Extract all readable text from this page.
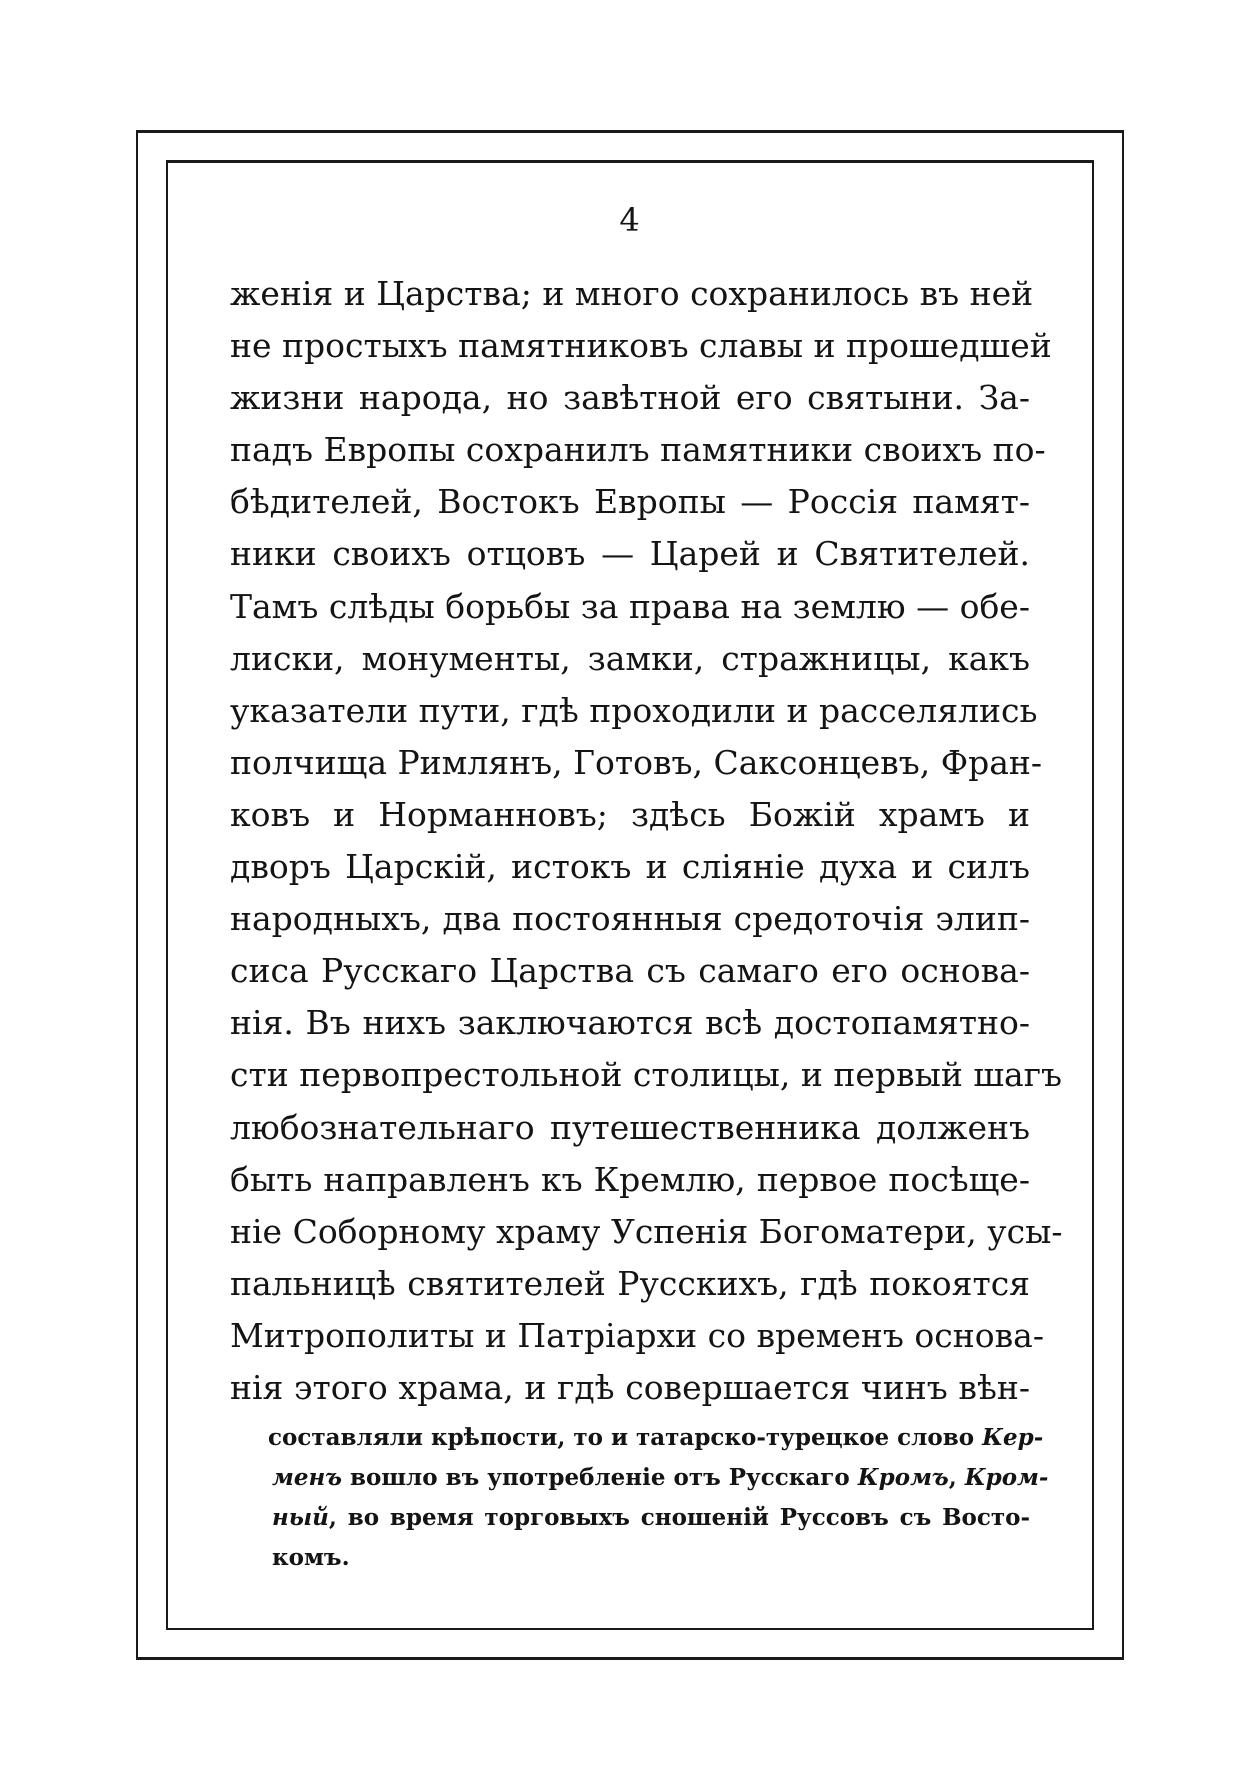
4
женія и Царства; и много сохранилось въ ней
не простыхъ памятниковъ славы и прошедшей
жизни народа, но завѣтной его святыни. За-
падъ Европы сохранилъ памятники своихъ по-
бѣдителей, Востокъ Европы — Россія памят-
ники своихъ отцовъ — Царей и Святителей.
Тамъ слѣды борьбы за права на землю — обе-
лиски, монументы, замки, стражницы, какъ
указатели пути, гдѣ проходили и расселялись
полчища Римлянъ, Готовъ, Саксонцевъ, Фран-
ковъ и Норманновъ; здѣсь Божій храмъ и
дворъ Царскій, истокъ и сліяніе духа и силъ
народныхъ, два постоянныя средоточія элип-
сиса Русскаго Царства съ самаго его основа-
нія. Въ нихъ заключаются всѣ достопамятно-
сти первопрестольной столицы, и первый шагъ
любознательнаго путешественника долженъ
быть направленъ къ Кремлю, первое посѣще-
ніе Соборному храму Успенія Богоматери, усы-
пальницѣ святителей Русскихъ, гдѣ покоятся
Митрополиты и Патріархи со временъ основа-
нія этого храма, и гдѣ совершается чинъ вѣн-
составляли крѣпости, то и татарско-турецкое слово Кер-
менъ вошло въ употребленіе отъ Русскаго Кромъ, Кром-
ный, во время торговыхъ сношеній Руссовъ съ Восто-
комъ.
